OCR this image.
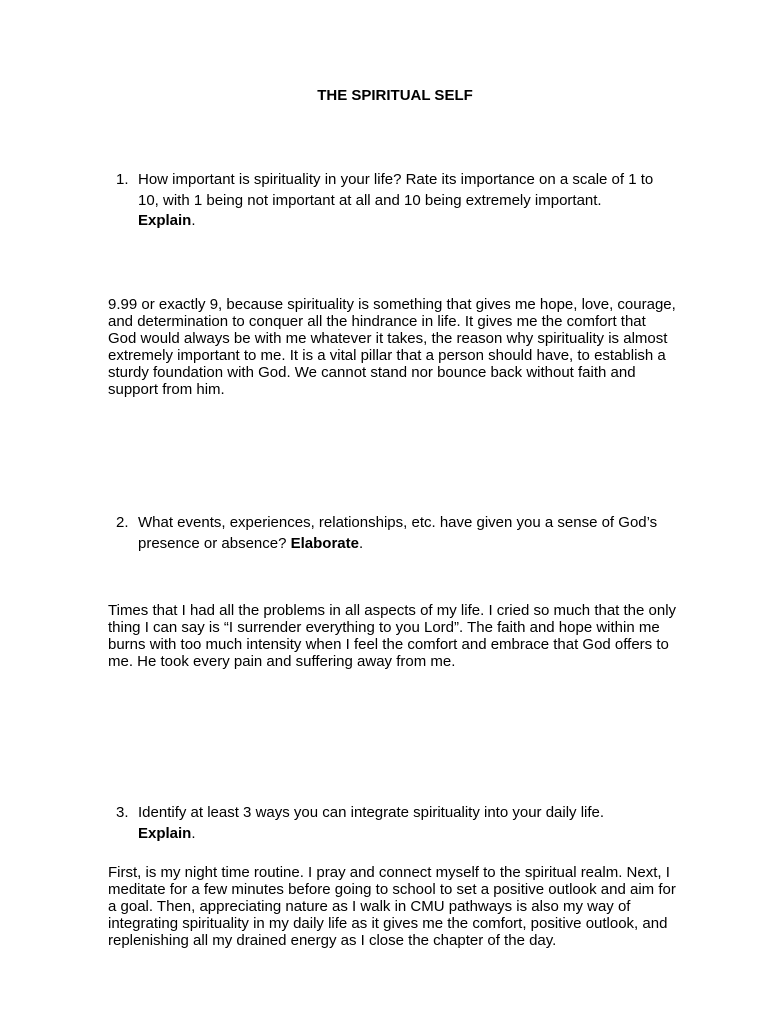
THE SPIRITUAL SELF
1. How important is spirituality in your life? Rate its importance on a scale of 1 to 10, with 1 being not important at all and 10 being extremely important.
Explain.
9.99 or exactly 9, because spirituality is something that gives me hope, love, courage, and determination to conquer all the hindrance in life. It gives me the comfort that God would always be with me whatever it takes, the reason why spirituality is almost extremely important to me. It is a vital pillar that a person should have, to establish a sturdy foundation with God. We cannot stand nor bounce back without faith and support from him.
2. What events, experiences, relationships, etc. have given you a sense of God’s presence or absence? Elaborate.
Times that I had all the problems in all aspects of my life. I cried so much that the only thing I can say is “I surrender everything to you Lord”. The faith and hope within me burns with too much intensity when I feel the comfort and embrace that God offers to me. He took every pain and suffering away from me.
3. Identify at least 3 ways you can integrate spirituality into your daily life.
Explain.
First, is my night time routine. I pray and connect myself to the spiritual realm. Next, I meditate for a few minutes before going to school to set a positive outlook and aim for a goal. Then, appreciating nature as I walk in CMU pathways is also my way of integrating spirituality in my daily life as it gives me the comfort, positive outlook, and replenishing all my drained energy as I close the chapter of the day.
